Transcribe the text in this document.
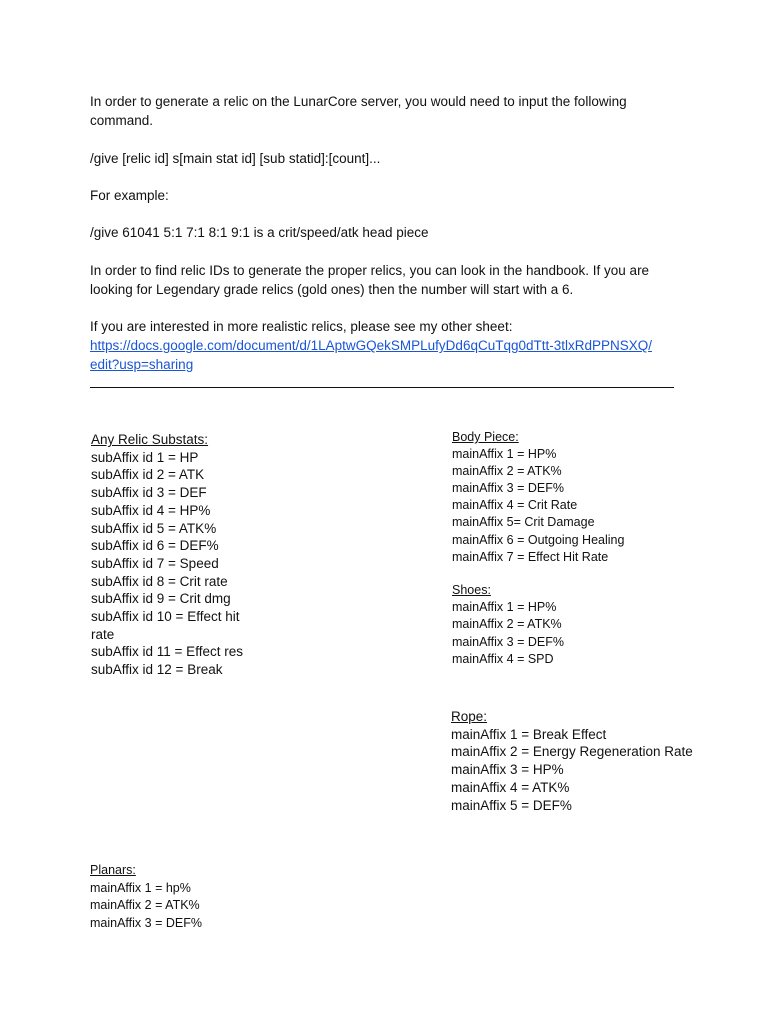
In order to generate a relic on the LunarCore server, you would need to input the following
command.
/give [relic id] s[main stat id] [sub statid]:[count]...
For example:
/give 61041 5:1 7:1 8:1 9:1 is a crit/speed/atk head piece
In order to find relic IDs to generate the proper relics, you can look in the handbook. If you are
looking for Legendary grade relics (gold ones) then the number will start with a 6.
If you are interested in more realistic relics, please see my other sheet:
https://docs.google.com/document/d/1LAptwGQekSMPLufyDd6qCuTqg0dTtt-3tlxRdPPNSXQ/
edit?usp=sharing
Any Relic Substats:
subAffix id 1 = HP
subAffix id 2 = ATK
subAffix id 3 = DEF
subAffix id 4 = HP%
subAffix id 5 = ATK%
subAffix id 6 = DEF%
subAffix id 7 = Speed
subAffix id 8 = Crit rate
subAffix id 9 = Crit dmg
subAffix id 10 = Effect hit
rate
subAffix id 11 = Effect res
subAffix id 12 = Break
Body Piece:
mainAffix 1 = HP%
mainAffix 2 = ATK%
mainAffix 3 = DEF%
mainAffix 4 = Crit Rate
mainAffix 5= Crit Damage
mainAffix 6 = Outgoing Healing
mainAffix 7 = Effect Hit Rate
Shoes:
mainAffix 1 = HP%
mainAffix 2 = ATK%
mainAffix 3 = DEF%
mainAffix 4 = SPD
Rope:
mainAffix 1 = Break Effect
mainAffix 2 = Energy Regeneration Rate
mainAffix 3 = HP%
mainAffix 4 = ATK%
mainAffix 5 = DEF%
Planars:
mainAffix 1 = hp%
mainAffix 2 = ATK%
mainAffix 3 = DEF%
